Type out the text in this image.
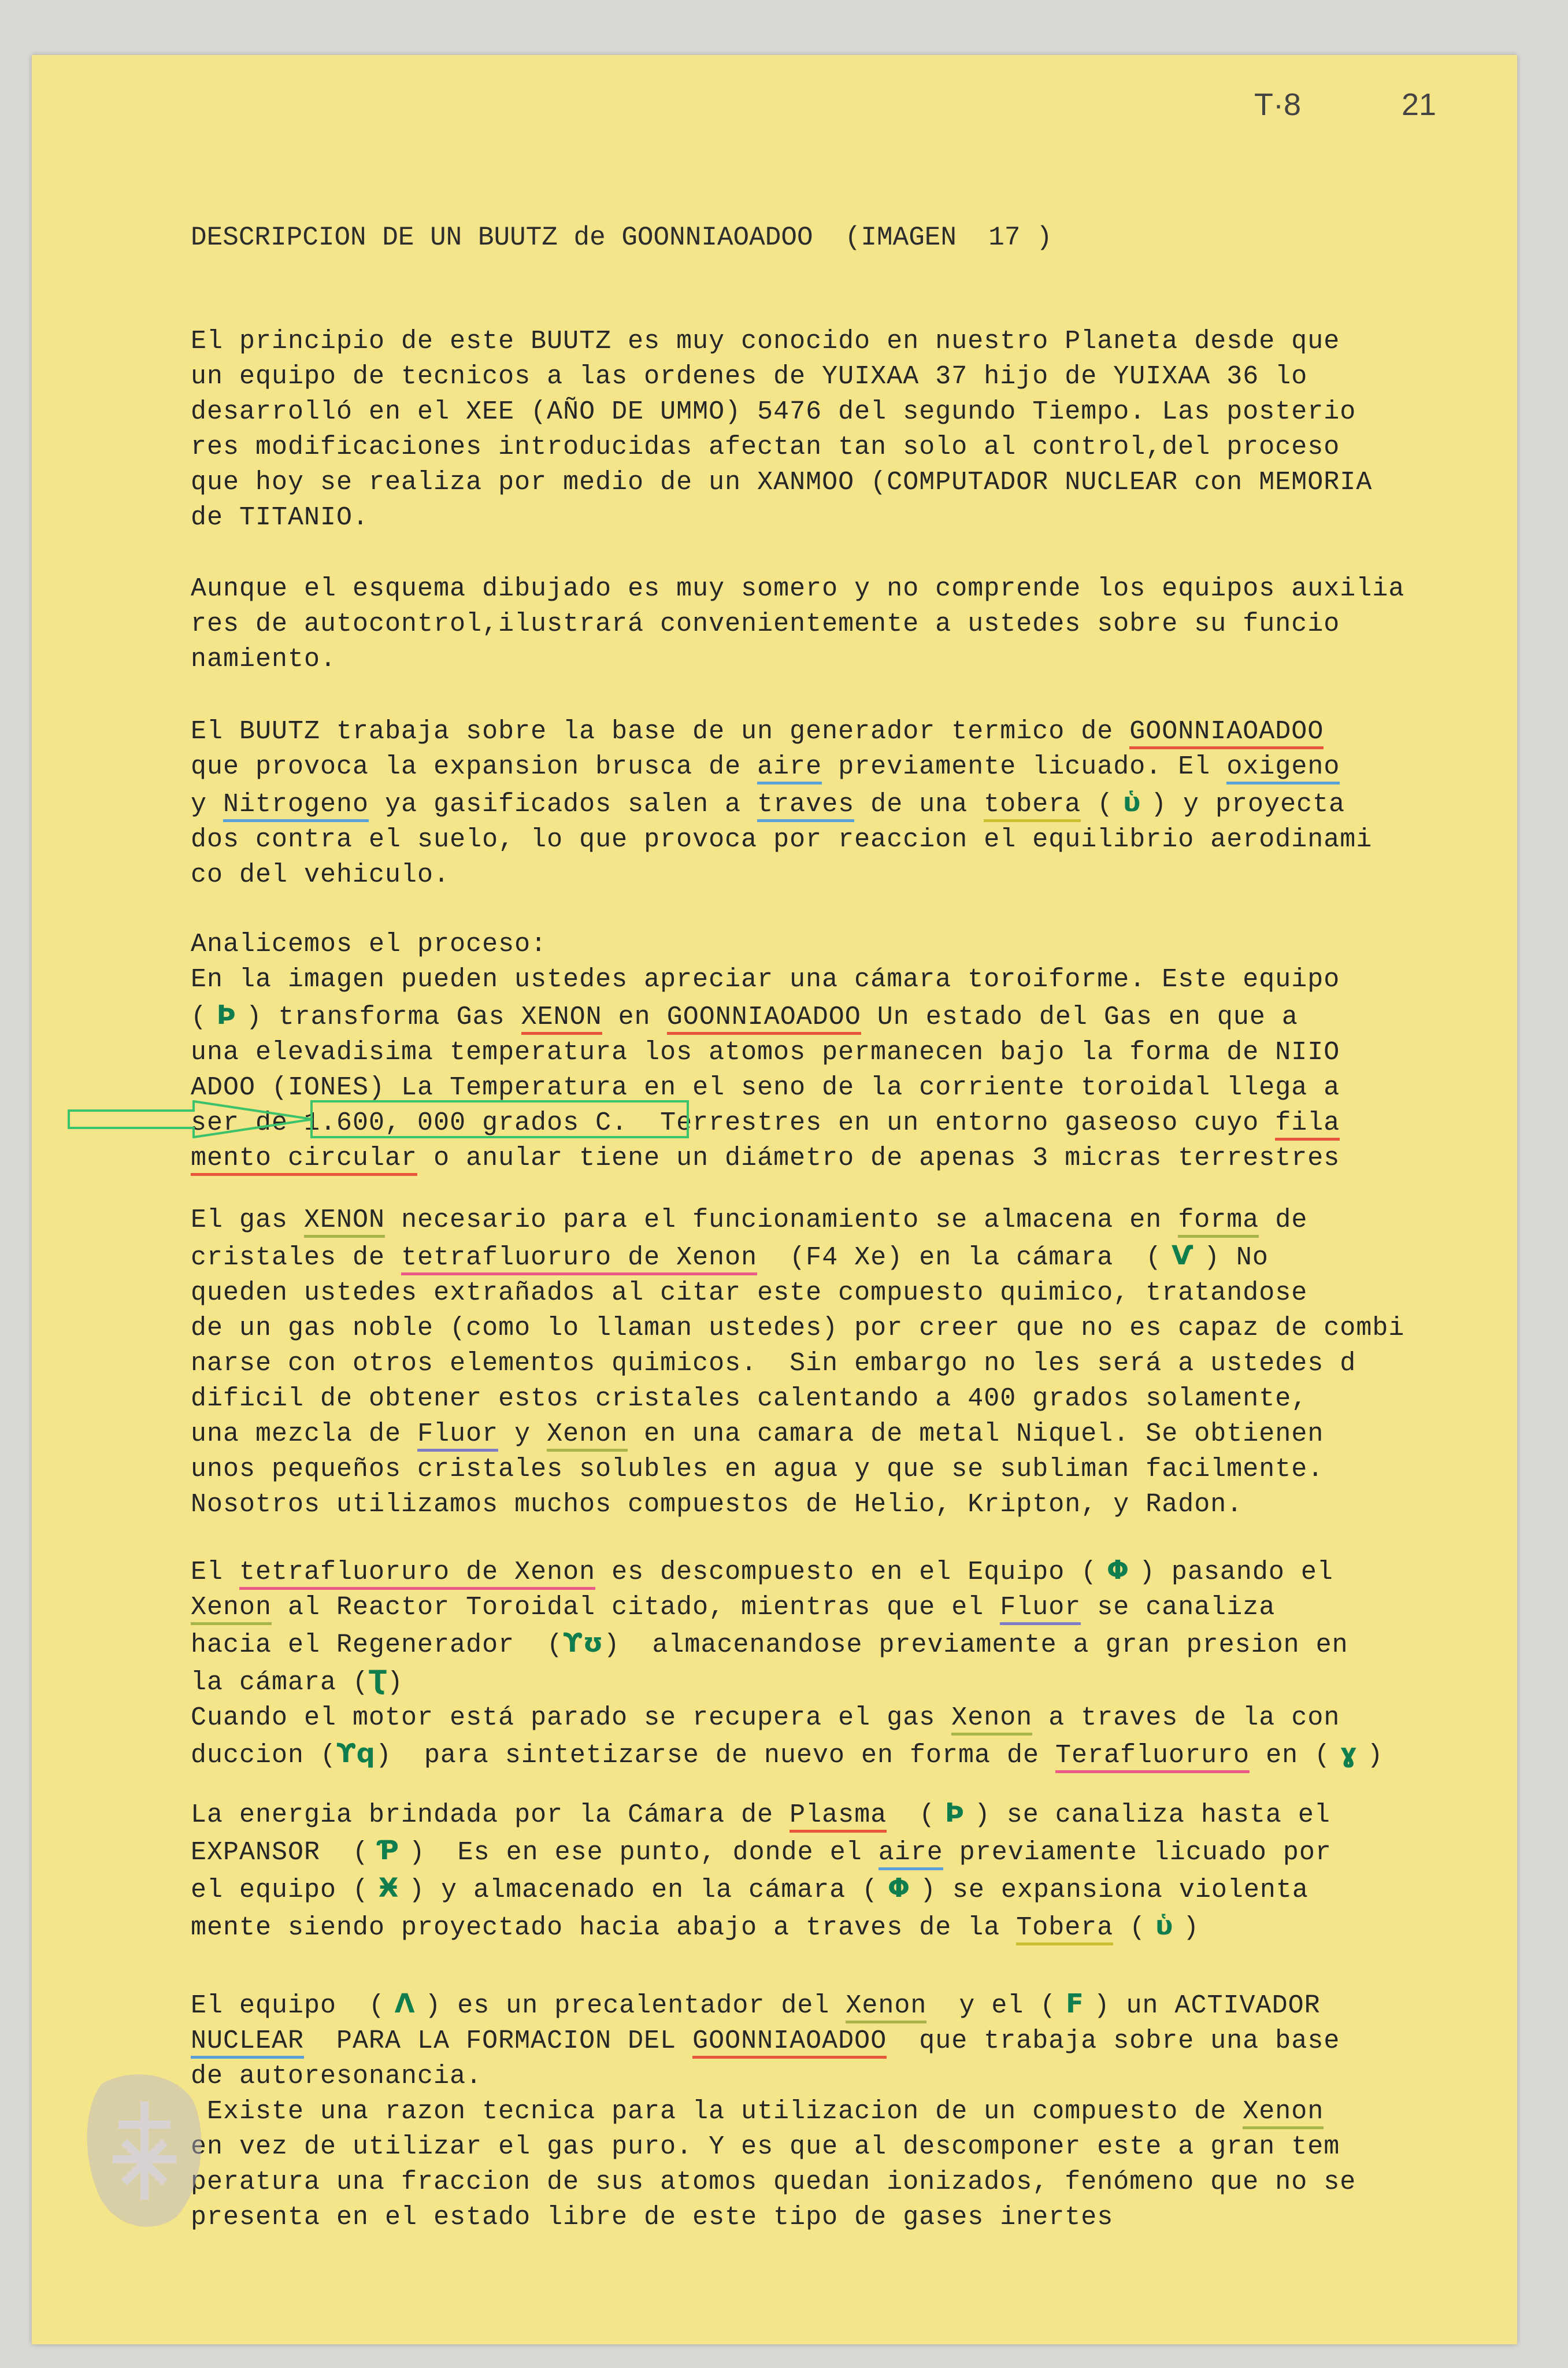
T·8	21
DESCRIPCION DE UN BUUTZ de GOONNIAOADOO  (IMAGEN  17 )
El principio de este BUUTZ es muy conocido en nuestro Planeta desde que
un equipo de tecnicos a las ordenes de YUIXAA 37 hijo de YUIXAA 36 lo
desarrolló en el XEE (AÑO DE UMMO) 5476 del segundo Tiempo. Las posterio
res modificaciones introducidas afectan tan solo al control,del proceso
que hoy se realiza por medio de un XANMOO (COMPUTADOR NUCLEAR con MEMORIA
de TITANIO.
Aunque el esquema dibujado es muy somero y no comprende los equipos auxilia
res de autocontrol,ilustrará convenientemente a ustedes sobre su funcio
namiento.
El BUUTZ trabaja sobre la base de un generador termico de GOONNIAOADOO
que provoca la expansion brusca de aire previamente licuado. El oxigeno
y Nitrogeno ya gasificados salen a traves de una tobera ( ὑ ) y proyecta
dos contra el suelo, lo que provoca por reaccion el equilibrio aerodinami
co del vehiculo.
Analicemos el proceso:
En la imagen pueden ustedes apreciar una cámara toroiforme. Este equipo
( Ϸ ) transforma Gas XENON en GOONNIAOADOO Un estado del Gas en que a
una elevadisima temperatura los atomos permanecen bajo la forma de NIIO
ADOO (IONES) La Temperatura en el seno de la corriente toroidal llega a
ser de 1.600, 000 grados C.  Terrestres en un entorno gaseoso cuyo fila
mento circular o anular tiene un diámetro de apenas 3 micras terrestres
El gas XENON necesario para el funcionamiento se almacena en forma de
cristales de tetrafluoruro de Xenon  (F4 Xe) en la cámara  ( Ѵ ) No
queden ustedes extrañados al citar este compuesto quimico, tratandose
de un gas noble (como lo llaman ustedes) por creer que no es capaz de combi
narse con otros elementos quimicos.  Sin embargo no les será a ustedes d
dificil de obtener estos cristales calentando a 400 grados solamente,
una mezcla de Fluor y Xenon en una camara de metal Niquel. Se obtienen
unos pequeños cristales solubles en agua y que se subliman facilmente.
Nosotros utilizamos muchos compuestos de Helio, Kripton, y Radon.
El tetrafluoruro de Xenon es descompuesto en el Equipo ( Φ ) pasando el
Xenon al Reactor Toroidal citado, mientras que el Fluor se canaliza
hacia el Regenerador  (ϒʊ)  almacenandose previamente a gran presion en
la cámara (Ʈ)
Cuando el motor está parado se recupera el gas Xenon a traves de la con
duccion (ϒq)  para sintetizarse de nuevo en forma de Terafluoruro en ( ɣ )
La energia brindada por la Cámara de Plasma  ( Ϸ ) se canaliza hasta el
EXPANSOR  ( Ƥ )  Es en ese punto, donde el aire previamente licuado por
el equipo ( Ӿ ) y almacenado en la cámara ( Φ ) se expansiona violenta
mente siendo proyectado hacia abajo a traves de la Tobera ( ὑ )
El equipo  ( Λ ) es un precalentador del Xenon  y el ( Ϝ ) un ACTIVADOR
NUCLEAR  PARA LA FORMACION DEL GOONNIAOADOO  que trabaja sobre una base
de autoresonancia.
Existe una razon tecnica para la utilizacion de un compuesto de Xenon
en vez de utilizar el gas puro. Y es que al descomponer este a gran tem
peratura una fraccion de sus atomos quedan ionizados, fenómeno que no se
presenta en el estado libre de este tipo de gases inertes
